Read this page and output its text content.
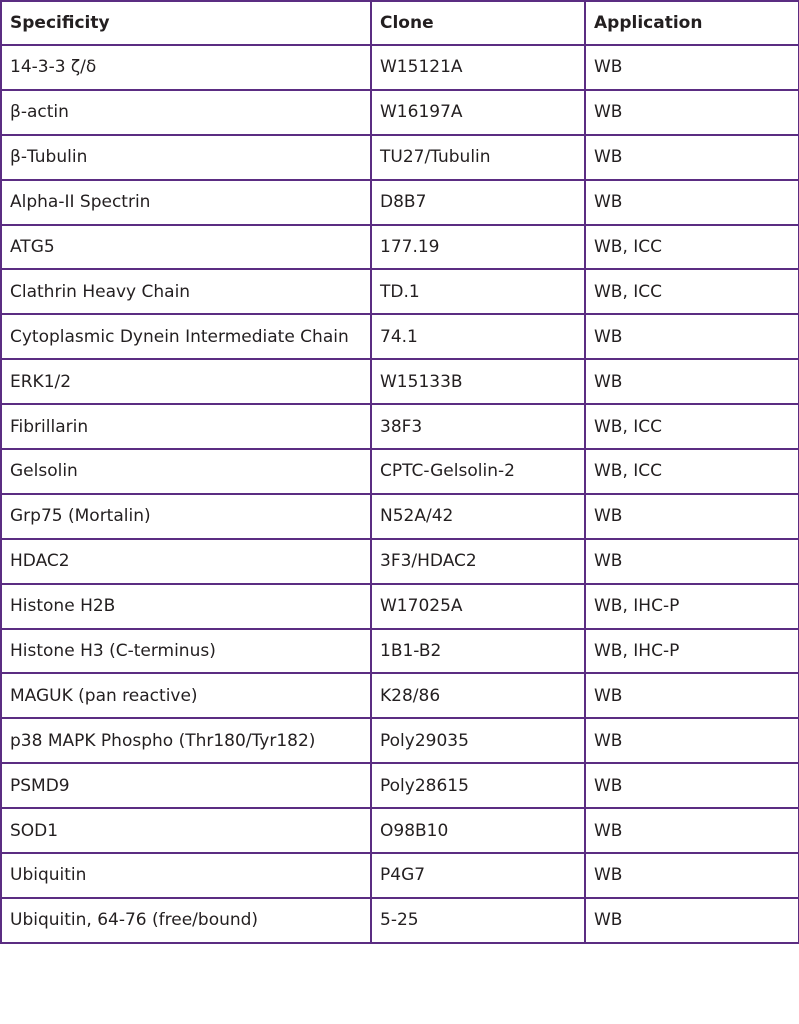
Specificity	Clone	Application
14-3-3 ζ/δ	W15121A	WB
β-actin	W16197A	WB
β-Tubulin	TU27/Tubulin	WB
Alpha-II Spectrin	D8B7	WB
ATG5	177.19	WB, ICC
Clathrin Heavy Chain	TD.1	WB, ICC
Cytoplasmic Dynein Intermediate Chain	74.1	WB
ERK1/2	W15133B	WB
Fibrillarin	38F3	WB, ICC
Gelsolin	CPTC-Gelsolin-2	WB, ICC
Grp75 (Mortalin)	N52A/42	WB
HDAC2	3F3/HDAC2	WB
Histone H2B	W17025A	WB, IHC-P
Histone H3 (C-terminus)	1B1-B2	WB, IHC-P
MAGUK (pan reactive)	K28/86	WB
p38 MAPK Phospho (Thr180/Tyr182)	Poly29035	WB
PSMD9	Poly28615	WB
SOD1	O98B10	WB
Ubiquitin	P4G7	WB
Ubiquitin, 64-76 (free/bound)	5-25	WB
